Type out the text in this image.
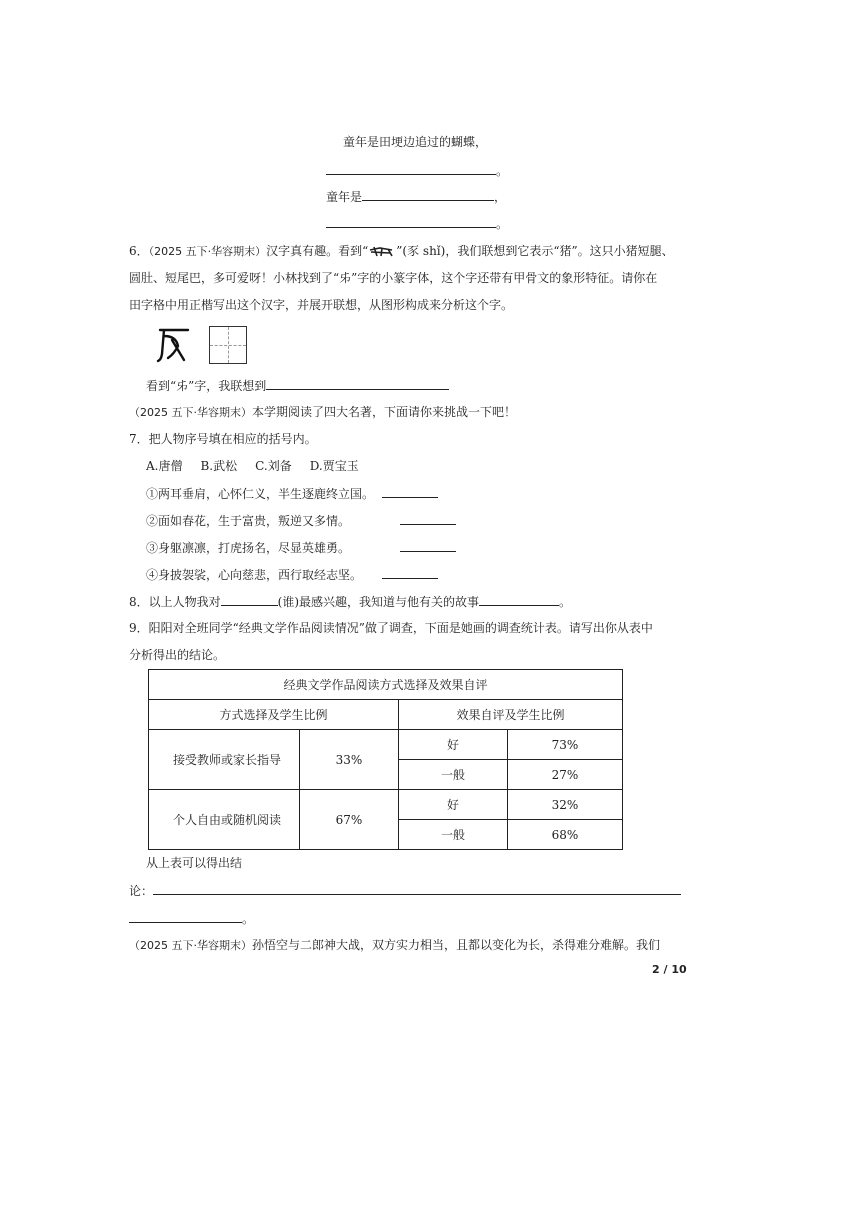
童年是田埂边追过的蝴蝶，
。
童年是	，
。
6．（2025 五下·华容期末）汉字真有趣。看到“ ”(豕 shǐ)，我们联想到它表示“猪”。这只小猪短腿、
圆肚、短尾巴，多可爱呀！小林找到了“𠂔”字的小篆字体，这个字还带有甲骨文的象形特征。请你在
田字格中用正楷写出这个汉字，并展开联想，从图形构成来分析这个字。
看到“𠂔”字，我联想到
（2025 五下·华容期末）本学期阅读了四大名著，下面请你来挑战一下吧！
7．把人物序号填在相应的括号内。
A.唐僧 B.武松 C.刘备 D.贾宝玉
①两耳垂肩，心怀仁义，半生逐鹿终立国。
②面如春花，生于富贵，叛逆又多情。
③身躯凛凛，打虎扬名，尽显英雄勇。
④身披袈裟，心向慈悲，西行取经志坚。
8．以上人物我对	(谁)最感兴趣，我知道与他有关的故事	。
9．阳阳对全班同学“经典文学作品阅读情况”做了调查，下面是她画的调查统计表。请写出你从表中
分析得出的结论。
经典文学作品阅读方式选择及效果自评			
方式选择及学生比例		效果自评及学生比例	
接受教师或家长指导	33%	好	73%
		一般	27%
个人自由或随机阅读	67%	好	32%
		一般	68%
从上表可以得出结
论：
。
（2025 五下·华容期末）孙悟空与二郎神大战，双方实力相当，且都以变化为长，杀得难分难解。我们
2 / 10
